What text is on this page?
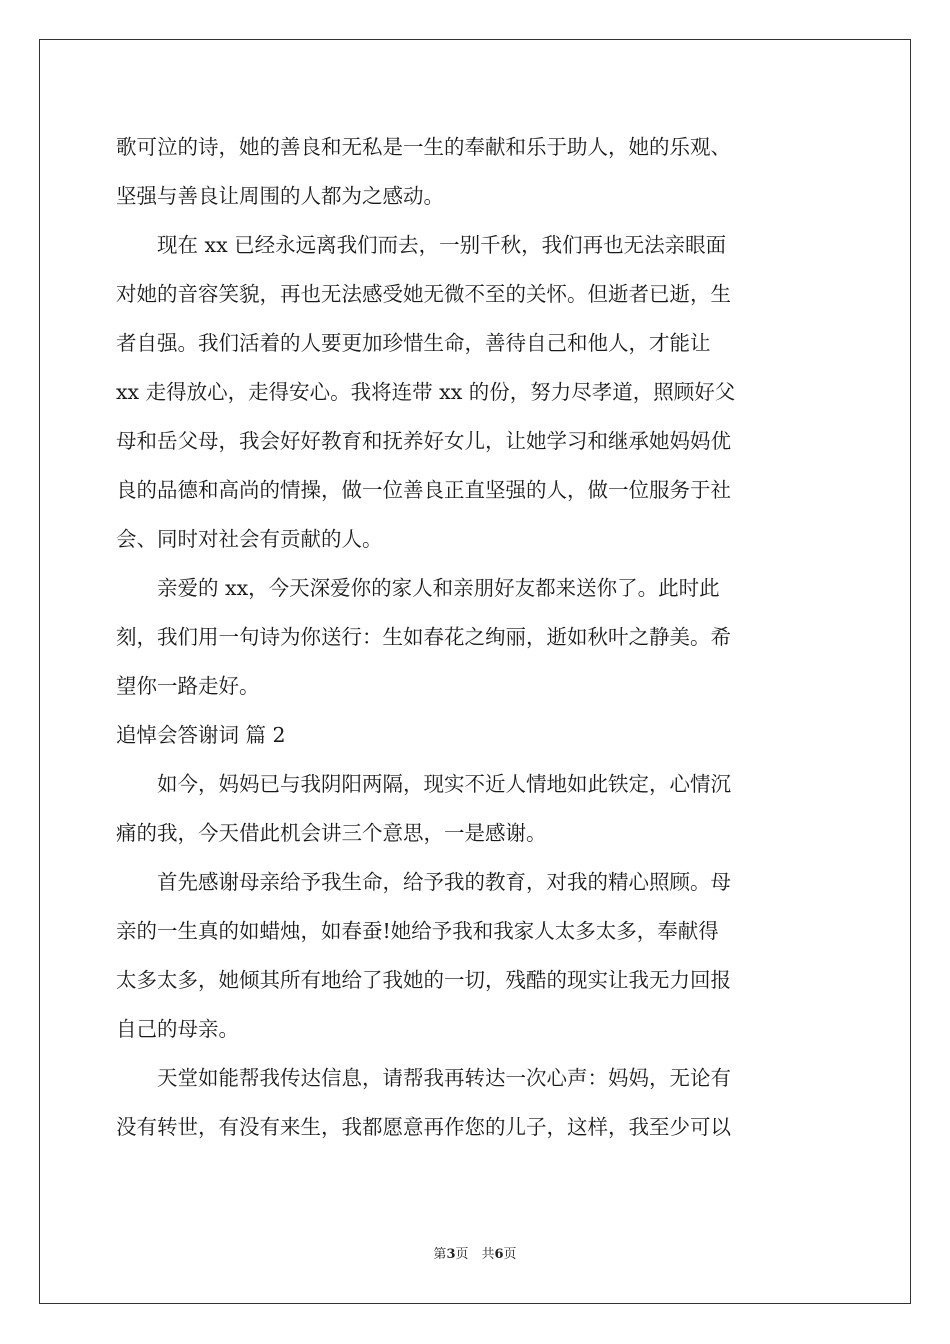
歌可泣的诗，她的善良和无私是一生的奉献和乐于助人，她的乐观、
坚强与善良让周围的人都为之感动。
现在 xx 已经永远离我们而去，一别千秋，我们再也无法亲眼面
对她的音容笑貌，再也无法感受她无微不至的关怀。但逝者已逝，生
者自强。我们活着的人要更加珍惜生命，善待自己和他人，才能让
xx 走得放心，走得安心。我将连带 xx 的份，努力尽孝道，照顾好父
母和岳父母，我会好好教育和抚养好女儿，让她学习和继承她妈妈优
良的品德和高尚的情操，做一位善良正直坚强的人，做一位服务于社
会、同时对社会有贡献的人。
亲爱的 xx，今天深爱你的家人和亲朋好友都来送你了。此时此
刻，我们用一句诗为你送行：生如春花之绚丽，逝如秋叶之静美。希
望你一路走好。
追悼会答谢词 篇 2
如今，妈妈已与我阴阳两隔，现实不近人情地如此铁定，心情沉
痛的我，今天借此机会讲三个意思，一是感谢。
首先感谢母亲给予我生命，给予我的教育，对我的精心照顾。母
亲的一生真的如蜡烛，如春蚕!她给予我和我家人太多太多，奉献得
太多太多，她倾其所有地给了我她的一切，残酷的现实让我无力回报
自己的母亲。
天堂如能帮我传达信息，请帮我再转达一次心声：妈妈，无论有
没有转世，有没有来生，我都愿意再作您的儿子，这样，我至少可以
第3页　共6页
